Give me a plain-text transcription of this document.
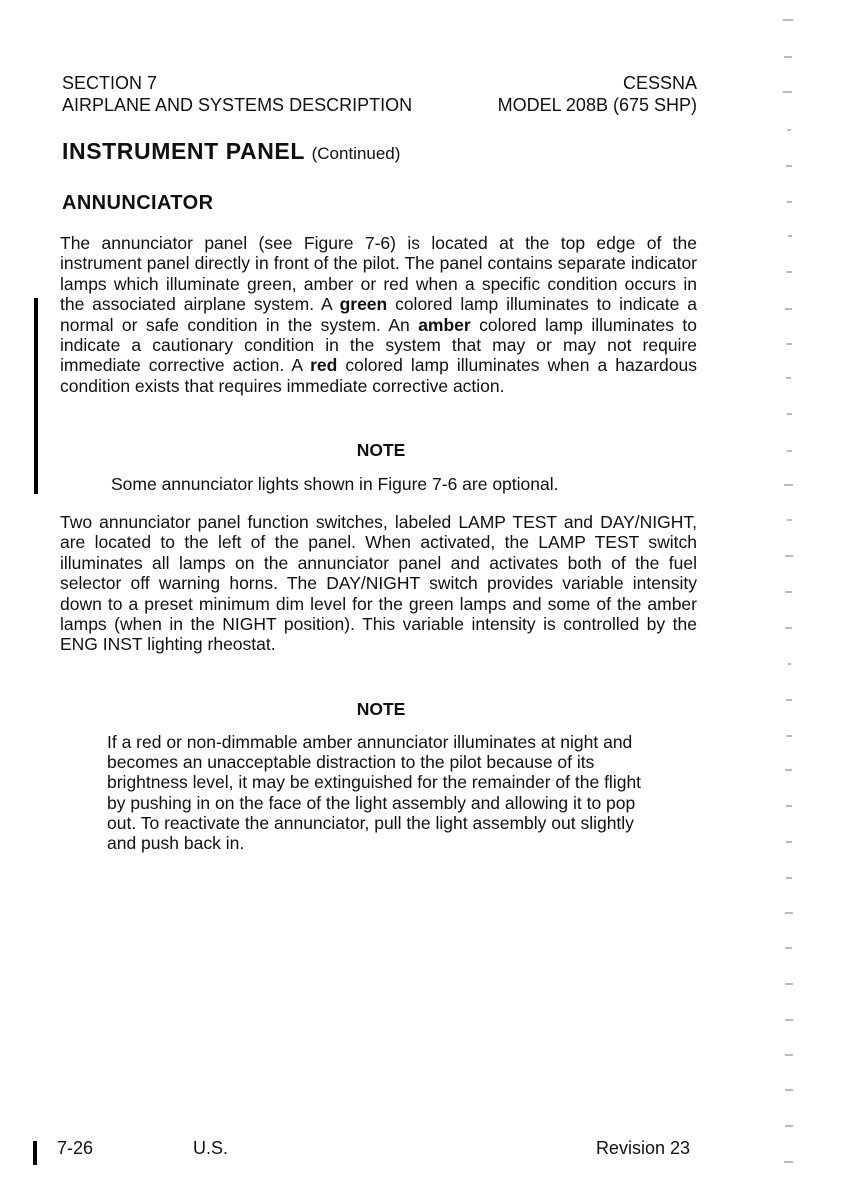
SECTION 7
AIRPLANE AND SYSTEMS DESCRIPTION
CESSNA
MODEL 208B (675 SHP)
INSTRUMENT PANEL (Continued)
ANNUNCIATOR

The annunciator panel (see Figure 7-6) is located at the top edge of the instrument panel directly in front of the pilot. The panel contains separate indicator lamps which illuminate green, amber or red when a specific condition occurs in the associated airplane system. A green colored lamp illuminates to indicate a normal or safe condition in the system. An amber colored lamp illuminates to indicate a cautionary condition in the system that may or may not require immediate corrective action. A red colored lamp illuminates when a hazardous condition exists that requires immediate corrective action.

NOTE

Some annunciator lights shown in Figure 7-6 are optional.

Two annunciator panel function switches, labeled LAMP TEST and DAY/NIGHT, are located to the left of the panel. When activated, the LAMP TEST switch illuminates all lamps on the annunciator panel and activates both of the fuel selector off warning horns. The DAY/NIGHT switch provides variable intensity down to a preset minimum dim level for the green lamps and some of the amber lamps (when in the NIGHT position). This variable intensity is controlled by the ENG INST lighting rheostat.

NOTE

If a red or non-dimmable amber annunciator illuminates at night and becomes an unacceptable distraction to the pilot because of its brightness level, it may be extinguished for the remainder of the flight by pushing in on the face of the light assembly and allowing it to pop out. To reactivate the annunciator, pull the light assembly out slightly and push back in.

7-26	U.S.	Revision 23
